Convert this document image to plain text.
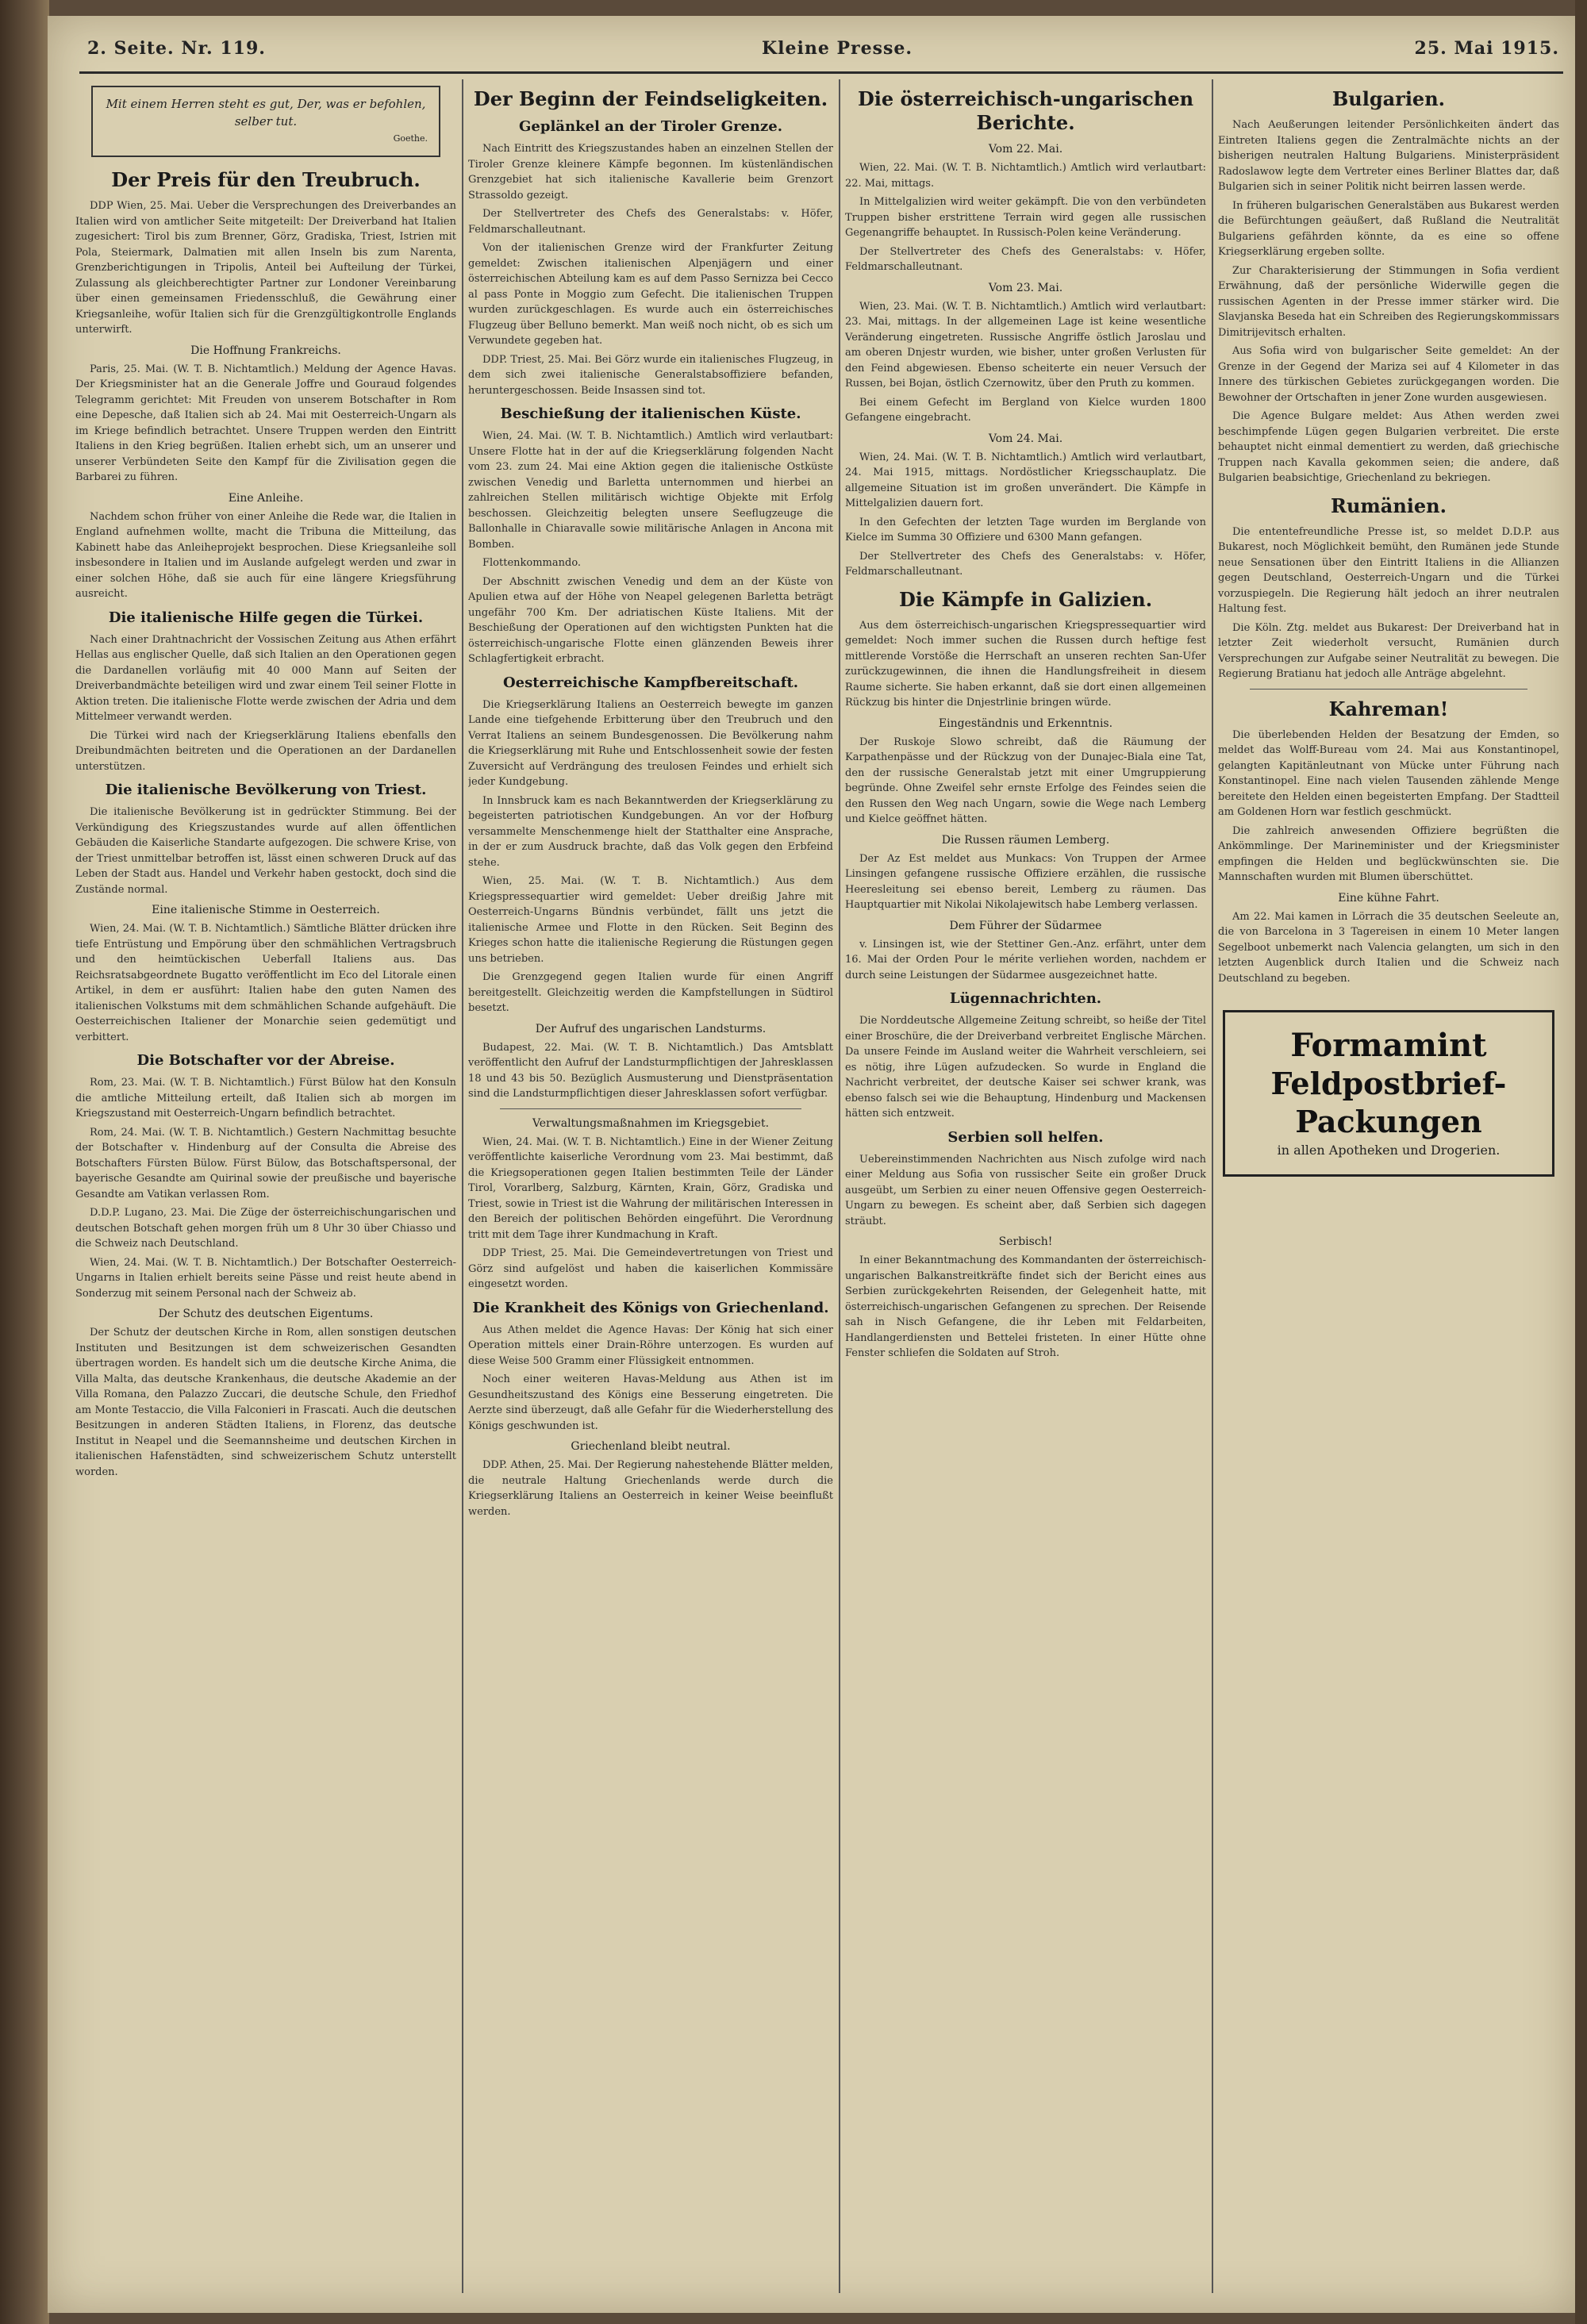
2. Seite. Nr. 119.	Kleine Presse.	25. Mai 1915.
Mit einem Herren steht es gut, Der, was er befohlen, selber tut.
Goethe.
Der Preis für den Treubruch.

DDP Wien, 25. Mai. Ueber die Versprechungen des Dreiverbandes an Italien wird von amtlicher Seite mitgeteilt: Der Dreiverband hat Italien zugesichert: Tirol bis zum Brenner, Görz, Gradiska, Triest, Istrien mit Pola, Steiermark, Dalmatien mit allen Inseln bis zum Narenta, Grenzberichtigungen in Tripolis, Anteil bei Aufteilung der Türkei, Zulassung als gleichberechtigter Partner zur Londoner Vereinbarung über einen gemeinsamen Friedensschluß, die Gewährung einer Kriegsanleihe, wofür Italien sich für die Grenzgültigkontrolle Englands unterwirft.

Die Hoffnung Frankreichs.

Paris, 25. Mai. (W. T. B. Nichtamtlich.) Meldung der Agence Havas. Der Kriegsminister hat an die Generale Joffre und Gouraud folgendes Telegramm gerichtet: Mit Freuden von unserem Botschafter in Rom eine Depesche, daß Italien sich ab 24. Mai mit Oesterreich-Ungarn als im Kriege befindlich betrachtet. Unsere Truppen werden den Eintritt Italiens in den Krieg begrüßen. Italien erhebt sich, um an unserer und unserer Verbündeten Seite den Kampf für die Zivilisation gegen die Barbarei zu führen.

Eine Anleihe.

Nachdem schon früher von einer Anleihe die Rede war, die Italien in England aufnehmen wollte, macht die Tribuna die Mitteilung, das Kabinett habe das Anleiheprojekt besprochen. Diese Kriegsanleihe soll insbesondere in Italien und im Auslande aufgelegt werden und zwar in einer solchen Höhe, daß sie auch für eine längere Kriegsführung ausreicht.

Die italienische Hilfe gegen die Türkei.

Nach einer Drahtnachricht der Vossischen Zeitung aus Athen erfährt Hellas aus englischer Quelle, daß sich Italien an den Operationen gegen die Dardanellen vorläufig mit 40 000 Mann auf Seiten der Dreiverbandmächte beteiligen wird und zwar einem Teil seiner Flotte in Aktion treten. Die italienische Flotte werde zwischen der Adria und dem Mittelmeer verwandt werden.

Die Türkei wird nach der Kriegserklärung Italiens ebenfalls den Dreibundmächten beitreten und die Operationen an der Dardanellen unterstützen.

Die italienische Bevölkerung von Triest.

Die italienische Bevölkerung ist in gedrückter Stimmung. Bei der Verkündigung des Kriegszustandes wurde auf allen öffentlichen Gebäuden die Kaiserliche Standarte aufgezogen. Die schwere Krise, von der Triest unmittelbar betroffen ist, lässt einen schweren Druck auf das Leben der Stadt aus. Handel und Verkehr haben gestockt, doch sind die Zustände normal.

Eine italienische Stimme in Oesterreich.

Wien, 24. Mai. (W. T. B. Nichtamtlich.) Sämtliche Blätter drücken ihre tiefe Entrüstung und Empörung über den schmählichen Vertragsbruch und den heimtückischen Ueberfall Italiens aus. Das Reichsratsabgeordnete Bugatto veröffentlicht im Eco del Litorale einen Artikel, in dem er ausführt: Italien habe den guten Namen des italienischen Volkstums mit dem schmählichen Schande aufgehäuft. Die Oesterreichischen Italiener der Monarchie seien gedemütigt und verbittert.

Die Botschafter vor der Abreise.

Rom, 23. Mai. (W. T. B. Nichtamtlich.) Fürst Bülow hat den Konsuln die amtliche Mitteilung erteilt, daß Italien sich ab morgen im Kriegszustand mit Oesterreich-Ungarn befindlich betrachtet.

Rom, 24. Mai. (W. T. B. Nichtamtlich.) Gestern Nachmittag besuchte der Botschafter v. Hindenburg auf der Consulta die Abreise des Botschafters Fürsten Bülow. Fürst Bülow, das Botschaftspersonal, der bayerische Gesandte am Quirinal sowie der preußische und bayerische Gesandte am Vatikan verlassen Rom.

D.D.P. Lugano, 23. Mai. Die Züge der österreichischungarischen und deutschen Botschaft gehen morgen früh um 8 Uhr 30 über Chiasso und die Schweiz nach Deutschland.

Wien, 24. Mai. (W. T. B. Nichtamtlich.) Der Botschafter Oesterreich-Ungarns in Italien erhielt bereits seine Pässe und reist heute abend in Sonderzug mit seinem Personal nach der Schweiz ab.

Der Schutz des deutschen Eigentums.

Der Schutz der deutschen Kirche in Rom, allen sonstigen deutschen Instituten und Besitzungen ist dem schweizerischen Gesandten übertragen worden. Es handelt sich um die deutsche Kirche Anima, die Villa Malta, das deutsche Krankenhaus, die deutsche Akademie an der Villa Romana, den Palazzo Zuccari, die deutsche Schule, den Friedhof am Monte Testaccio, die Villa Falconieri in Frascati. Auch die deutschen Besitzungen in anderen Städten Italiens, in Florenz, das deutsche Institut in Neapel und die Seemannsheime und deutschen Kirchen in italienischen Hafenstädten, sind schweizerischem Schutz unterstellt worden.

Der Beginn der Feindseligkeiten.
Geplänkel an der Tiroler Grenze.

Nach Eintritt des Kriegszustandes haben an einzelnen Stellen der Tiroler Grenze kleinere Kämpfe begonnen. Im küstenländischen Grenzgebiet hat sich italienische Kavallerie beim Grenzort Strassoldo gezeigt.

Der Stellvertreter des Chefs des Generalstabs: v. Höfer, Feldmarschalleutnant.

Von der italienischen Grenze wird der Frankfurter Zeitung gemeldet: Zwischen italienischen Alpenjägern und einer österreichischen Abteilung kam es auf dem Passo Sernizza bei Cecco al pass Ponte in Moggio zum Gefecht. Die italienischen Truppen wurden zurückgeschlagen. Es wurde auch ein österreichisches Flugzeug über Belluno bemerkt. Man weiß noch nicht, ob es sich um Verwundete gegeben hat.

DDP. Triest, 25. Mai. Bei Görz wurde ein italienisches Flugzeug, in dem sich zwei italienische Generalstabsoffiziere befanden, heruntergeschossen. Beide Insassen sind tot.

Beschießung der italienischen Küste.

Wien, 24. Mai. (W. T. B. Nichtamtlich.) Amtlich wird verlautbart: Unsere Flotte hat in der auf die Kriegserklärung folgenden Nacht vom 23. zum 24. Mai eine Aktion gegen die italienische Ostküste zwischen Venedig und Barletta unternommen und hierbei an zahlreichen Stellen militärisch wichtige Objekte mit Erfolg beschossen. Gleichzeitig belegten unsere Seeflugzeuge die Ballonhalle in Chiaravalle sowie militärische Anlagen in Ancona mit Bomben.

Flottenkommando.

Der Abschnitt zwischen Venedig und dem an der Küste von Apulien etwa auf der Höhe von Neapel gelegenen Barletta beträgt ungefähr 700 Km. Der adriatischen Küste Italiens. Mit der Beschießung der Operationen auf den wichtigsten Punkten hat die österreichisch-ungarische Flotte einen glänzenden Beweis ihrer Schlagfertigkeit erbracht.

Oesterreichische Kampfbereitschaft.

Die Kriegserklärung Italiens an Oesterreich bewegte im ganzen Lande eine tiefgehende Erbitterung über den Treubruch und den Verrat Italiens an seinem Bundesgenossen. Die Bevölkerung nahm die Kriegserklärung mit Ruhe und Entschlossenheit sowie der festen Zuversicht auf Verdrängung des treulosen Feindes und erhielt sich jeder Kundgebung.

In Innsbruck kam es nach Bekanntwerden der Kriegserklärung zu begeisterten patriotischen Kundgebungen. An vor der Hofburg versammelte Menschenmenge hielt der Statthalter eine Ansprache, in der er zum Ausdruck brachte, daß das Volk gegen den Erbfeind stehe.

Wien, 25. Mai. (W. T. B. Nichtamtlich.) Aus dem Kriegspressequartier wird gemeldet: Ueber dreißig Jahre mit Oesterreich-Ungarns Bündnis verbündet, fällt uns jetzt die italienische Armee und Flotte in den Rücken. Seit Beginn des Krieges schon hatte die italienische Regierung die Rüstungen gegen uns betrieben.

Die Grenzgegend gegen Italien wurde für einen Angriff bereitgestellt. Gleichzeitig werden die Kampfstellungen in Südtirol besetzt.

Der Aufruf des ungarischen Landsturms.

Budapest, 22. Mai. (W. T. B. Nichtamtlich.) Das Amtsblatt veröffentlicht den Aufruf der Landsturmpflichtigen der Jahresklassen 18 und 43 bis 50. Bezüglich Ausmusterung und Dienstpräsentation sind die Landsturmpflichtigen dieser Jahresklassen sofort verfügbar.

Verwaltungsmaßnahmen im Kriegsgebiet.

Wien, 24. Mai. (W. T. B. Nichtamtlich.) Eine in der Wiener Zeitung veröffentlichte kaiserliche Verordnung vom 23. Mai bestimmt, daß die Kriegsoperationen gegen Italien bestimmten Teile der Länder Tirol, Vorarlberg, Salzburg, Kärnten, Krain, Görz, Gradiska und Triest, sowie in Triest ist die Wahrung der militärischen Interessen in den Bereich der politischen Behörden eingeführt. Die Verordnung tritt mit dem Tage ihrer Kundmachung in Kraft.

DDP Triest, 25. Mai. Die Gemeindevertretungen von Triest und Görz sind aufgelöst und haben die kaiserlichen Kommissäre eingesetzt worden.

Die Krankheit des Königs von Griechenland.

Aus Athen meldet die Agence Havas: Der König hat sich einer Operation mittels einer Drain-Röhre unterzogen. Es wurden auf diese Weise 500 Gramm einer Flüssigkeit entnommen.

Noch einer weiteren Havas-Meldung aus Athen ist im Gesundheitszustand des Königs eine Besserung eingetreten. Die Aerzte sind überzeugt, daß alle Gefahr für die Wiederherstellung des Königs geschwunden ist.

Griechenland bleibt neutral.

DDP. Athen, 25. Mai. Der Regierung nahestehende Blätter melden, die neutrale Haltung Griechenlands werde durch die Kriegserklärung Italiens an Oesterreich in keiner Weise beeinflußt werden.

Die österreichisch-ungarischen Berichte.
Vom 22. Mai.

Wien, 22. Mai. (W. T. B. Nichtamtlich.) Amtlich wird verlautbart: 22. Mai, mittags.

In Mittelgalizien wird weiter gekämpft. Die von den verbündeten Truppen bisher erstrittene Terrain wird gegen alle russischen Gegenangriffe behauptet. In Russisch-Polen keine Veränderung.

Der Stellvertreter des Chefs des Generalstabs: v. Höfer, Feldmarschalleutnant.

Vom 23. Mai.

Wien, 23. Mai. (W. T. B. Nichtamtlich.) Amtlich wird verlautbart: 23. Mai, mittags. In der allgemeinen Lage ist keine wesentliche Veränderung eingetreten. Russische Angriffe östlich Jaroslau und am oberen Dnjestr wurden, wie bisher, unter großen Verlusten für den Feind abgewiesen. Ebenso scheiterte ein neuer Versuch der Russen, bei Bojan, östlich Czernowitz, über den Pruth zu kommen.

Bei einem Gefecht im Bergland von Kielce wurden 1800 Gefangene eingebracht.

Vom 24. Mai.

Wien, 24. Mai. (W. T. B. Nichtamtlich.) Amtlich wird verlautbart, 24. Mai 1915, mittags. Nordöstlicher Kriegsschauplatz. Die allgemeine Situation ist im großen unverändert. Die Kämpfe in Mittelgalizien dauern fort.

In den Gefechten der letzten Tage wurden im Berglande von Kielce im Summa 30 Offiziere und 6300 Mann gefangen.

Der Stellvertreter des Chefs des Generalstabs: v. Höfer, Feldmarschalleutnant.

Die Kämpfe in Galizien.

Aus dem österreichisch-ungarischen Kriegspressequartier wird gemeldet: Noch immer suchen die Russen durch heftige fest mittlerende Vorstöße die Herrschaft an unseren rechten San-Ufer zurückzugewinnen, die ihnen die Handlungsfreiheit in diesem Raume sicherte. Sie haben erkannt, daß sie dort einen allgemeinen Rückzug bis hinter die Dnjestrlinie bringen würde.

Eingeständnis und Erkenntnis.

Der Ruskoje Slowo schreibt, daß die Räumung der Karpathenpässe und der Rückzug von der Dunajec-Biala eine Tat, den der russische Generalstab jetzt mit einer Umgruppierung begründe. Ohne Zweifel sehr ernste Erfolge des Feindes seien die den Russen den Weg nach Ungarn, sowie die Wege nach Lemberg und Kielce geöffnet hätten.

Die Russen räumen Lemberg.

Der Az Est meldet aus Munkacs: Von Truppen der Armee Linsingen gefangene russische Offiziere erzählen, die russische Heeresleitung sei ebenso bereit, Lemberg zu räumen. Das Hauptquartier mit Nikolai Nikolajewitsch habe Lemberg verlassen.

Dem Führer der Südarmee

v. Linsingen ist, wie der Stettiner Gen.-Anz. erfährt, unter dem 16. Mai der Orden Pour le mérite verliehen worden, nachdem er durch seine Leistungen der Südarmee ausgezeichnet hatte.

Lügennachrichten.

Die Norddeutsche Allgemeine Zeitung schreibt, so heiße der Titel einer Broschüre, die der Dreiverband verbreitet Englische Märchen. Da unsere Feinde im Ausland weiter die Wahrheit verschleiern, sei es nötig, ihre Lügen aufzudecken. So wurde in England die Nachricht verbreitet, der deutsche Kaiser sei schwer krank, was ebenso falsch sei wie die Behauptung, Hindenburg und Mackensen hätten sich entzweit.

Serbien soll helfen.

Uebereinstimmenden Nachrichten aus Nisch zufolge wird nach einer Meldung aus Sofia von russischer Seite ein großer Druck ausgeübt, um Serbien zu einer neuen Offensive gegen Oesterreich-Ungarn zu bewegen. Es scheint aber, daß Serbien sich dagegen sträubt.

Serbisch!

In einer Bekanntmachung des Kommandanten der österreichisch-ungarischen Balkanstreitkräfte findet sich der Bericht eines aus Serbien zurückgekehrten Reisenden, der Gelegenheit hatte, mit österreichisch-ungarischen Gefangenen zu sprechen. Der Reisende sah in Nisch Gefangene, die ihr Leben mit Feldarbeiten, Handlangerdiensten und Bettelei fristeten. In einer Hütte ohne Fenster schliefen die Soldaten auf Stroh.

Bulgarien.

Nach Aeußerungen leitender Persönlichkeiten ändert das Eintreten Italiens gegen die Zentralmächte nichts an der bisherigen neutralen Haltung Bulgariens. Ministerpräsident Radoslawow legte dem Vertreter eines Berliner Blattes dar, daß Bulgarien sich in seiner Politik nicht beirren lassen werde.

In früheren bulgarischen Generalstäben aus Bukarest werden die Befürchtungen geäußert, daß Rußland die Neutralität Bulgariens gefährden könnte, da es eine so offene Kriegserklärung ergeben sollte.

Zur Charakterisierung der Stimmungen in Sofia verdient Erwähnung, daß der persönliche Widerwille gegen die russischen Agenten in der Presse immer stärker wird. Die Slavjanska Beseda hat ein Schreiben des Regierungskommissars Dimitrijevitsch erhalten.

Aus Sofia wird von bulgarischer Seite gemeldet: An der Grenze in der Gegend der Mariza sei auf 4 Kilometer in das Innere des türkischen Gebietes zurückgegangen worden. Die Bewohner der Ortschaften in jener Zone wurden ausgewiesen.

Die Agence Bulgare meldet: Aus Athen werden zwei beschimpfende Lügen gegen Bulgarien verbreitet. Die erste behauptet nicht einmal dementiert zu werden, daß griechische Truppen nach Kavalla gekommen seien; die andere, daß Bulgarien beabsichtige, Griechenland zu bekriegen.

Rumänien.

Die ententefreundliche Presse ist, so meldet D.D.P. aus Bukarest, noch Möglichkeit bemüht, den Rumänen jede Stunde neue Sensationen über den Eintritt Italiens in die Allianzen gegen Deutschland, Oesterreich-Ungarn und die Türkei vorzuspiegeln. Die Regierung hält jedoch an ihrer neutralen Haltung fest.

Die Köln. Ztg. meldet aus Bukarest: Der Dreiverband hat in letzter Zeit wiederholt versucht, Rumänien durch Versprechungen zur Aufgabe seiner Neutralität zu bewegen. Die Regierung Bratianu hat jedoch alle Anträge abgelehnt.

Kahreman!

Die überlebenden Helden der Besatzung der Emden, so meldet das Wolff-Bureau vom 24. Mai aus Konstantinopel, gelangten Kapitänleutnant von Mücke unter Führung nach Konstantinopel. Eine nach vielen Tausenden zählende Menge bereitete den Helden einen begeisterten Empfang. Der Stadtteil am Goldenen Horn war festlich geschmückt.

Die zahlreich anwesenden Offiziere begrüßten die Ankömmlinge. Der Marineminister und der Kriegsminister empfingen die Helden und beglückwünschten sie. Die Mannschaften wurden mit Blumen überschüttet.

Eine kühne Fahrt.

Am 22. Mai kamen in Lörrach die 35 deutschen Seeleute an, die von Barcelona in 3 Tagereisen in einem 10 Meter langen Segelboot unbemerkt nach Valencia gelangten, um sich in den letzten Augenblick durch Italien und die Schweiz nach Deutschland zu begeben.

Formamint
Feldpostbrief-Packungen
in allen Apotheken und Drogerien.
